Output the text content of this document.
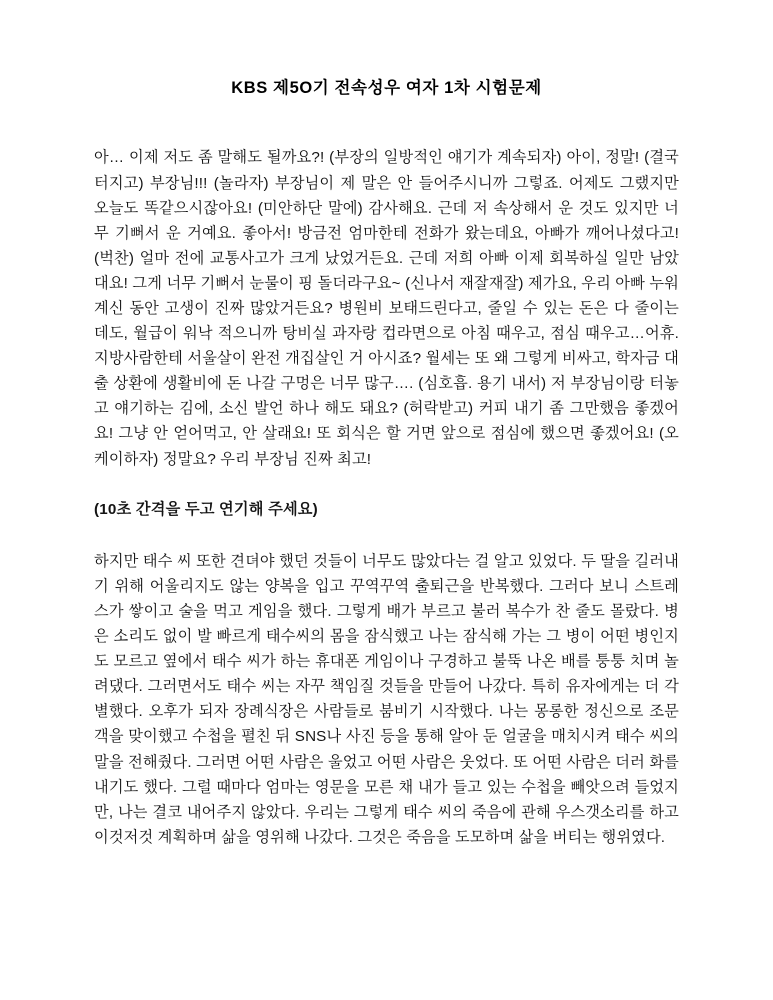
KBS 제5O기 전속성우 여자 1차 시험문제

아… 이제 저도 좀 말해도 될까요?! (부장의 일방적인 얘기가 계속되자) 아이, 정말! (결국 터지고) 부장님!!! (놀라자) 부장님이 제 말은 안 들어주시니까 그렇죠. 어제도 그랬지만 오늘도 똑같으시잖아요! (미안하단 말에) 감사해요. 근데 저 속상해서 운 것도 있지만 너무 기뻐서 운 거예요. 좋아서! 방금전 엄마한테 전화가 왔는데요, 아빠가 깨어나셨다고! (벅찬) 얼마 전에 교통사고가 크게 났었거든요. 근데 저희 아빠 이제 회복하실 일만 남았대요! 그게 너무 기뻐서 눈물이 핑 돌더라구요~ (신나서 재잘재잘) 제가요, 우리 아빠 누워 계신 동안 고생이 진짜 많았거든요? 병원비 보태드린다고, 줄일 수 있는 돈은 다 줄이는 데도, 월급이 워낙 적으니까 탕비실 과자랑 컵라면으로 아침 때우고, 점심 때우고…어휴. 지방사람한테 서울살이 완전 개집살인 거 아시죠? 월세는 또 왜 그렇게 비싸고, 학자금 대출 상환에 생활비에 돈 나갈 구멍은 너무 많구…. (심호흡. 용기 내서) 저 부장님이랑 터놓고 얘기하는 김에, 소신 발언 하나 해도 돼요? (허락받고) 커피 내기 좀 그만했음 좋겠어요! 그냥 안 얻어먹고, 안 살래요! 또 회식은 할 거면 앞으로 점심에 했으면 좋겠어요! (오케이하자) 정말요? 우리 부장님 진짜 최고!

(10초 간격을 두고 연기해 주세요)

하지만 태수 씨 또한 견뎌야 했던 것들이 너무도 많았다는 걸 알고 있었다. 두 딸을 길러내기 위해 어울리지도 않는 양복을 입고 꾸역꾸역 출퇴근을 반복했다. 그러다 보니 스트레스가 쌓이고 술을 먹고 게임을 했다. 그렇게 배가 부르고 불러 복수가 찬 줄도 몰랐다. 병은 소리도 없이 발 빠르게 태수씨의 몸을 잠식했고 나는 잠식해 가는 그 병이 어떤 병인지도 모르고 옆에서 태수 씨가 하는 휴대폰 게임이나 구경하고 불뚝 나온 배를 퉁퉁 치며 놀려댔다. 그러면서도 태수 씨는 자꾸 책임질 것들을 만들어 나갔다. 특히 유자에게는 더 각별했다. 오후가 되자 장례식장은 사람들로 붐비기 시작했다. 나는 몽롱한 정신으로 조문객을 맞이했고 수첩을 펼친 뒤 SNS나 사진 등을 통해 알아 둔 얼굴을 매치시켜 태수 씨의 말을 전해줬다. 그러면 어떤 사람은 울었고 어떤 사람은 웃었다. 또 어떤 사람은 더러 화를 내기도 했다. 그럴 때마다 엄마는 영문을 모른 채 내가 들고 있는 수첩을 빼앗으려 들었지만, 나는 결코 내어주지 않았다. 우리는 그렇게 태수 씨의 죽음에 관해 우스갯소리를 하고 이것저것 계획하며 삶을 영위해 나갔다. 그것은 죽음을 도모하며 삶을 버티는 행위였다.
